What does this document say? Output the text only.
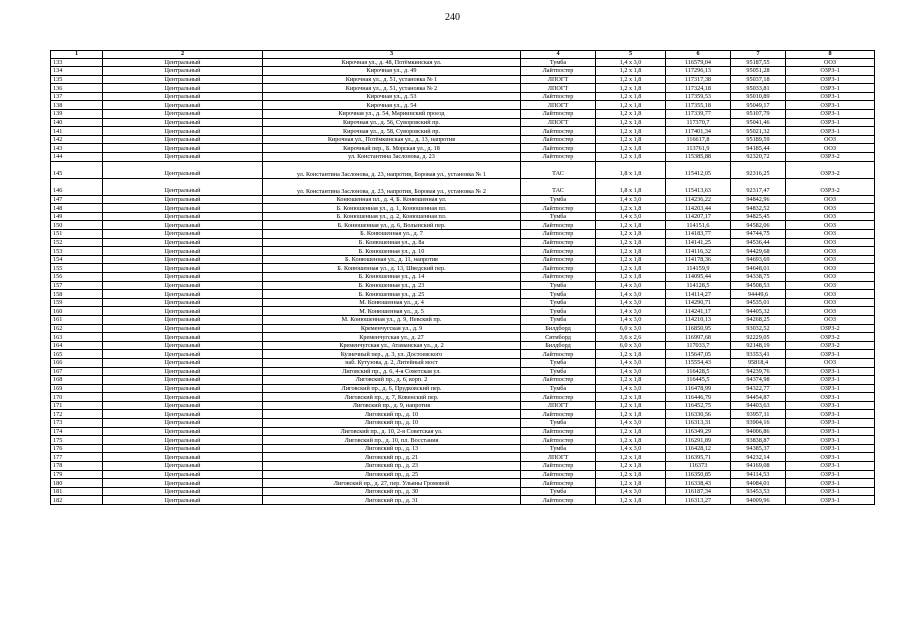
240
1	2	3	4	5	6	7	8
133	Центральный	Кирочная ул., д. 48, Потёмкинская ул.	Тумба	1,4 x 3,0	116579,04	95187,55	ООЗ
134	Центральный	Кирочная ул., д. 49	Лайтпостер	1,2 x 1,8	117296,13	95051,28	ОЗРЗ-1
135	Центральный	Кирочная ул., д. 51, установка № 1	ЛПОГТ	1,2 x 1,8	117317,38	95037,18	ОЗРЗ-1
136	Центральный	Кирочная ул., д. 51, установка № 2	ЛПОГТ	1,2 x 1,8	117324,18	95033,81	ОЗРЗ-1
137	Центральный	Кирочная ул., д. 53	Лайтпостер	1,2 x 1,8	117359,53	95010,89	ОЗРЗ-1
138	Центральный	Кирочная ул., д. 54	ЛПОГТ	1,2 x 1,8	117355,18	95049,17	ОЗРЗ-1
139	Центральный	Кирочная ул., д. 54, Мариинский проезд	Лайтпостер	1,2 x 1,8	117339,77	95107,79	ОЗРЗ-1
140	Центральный	Кирочная ул., д. 56, Суворовский пр.	ЛПОГТ	1,2 x 1,8	117370,7	95041,46	ОЗРЗ-1
141	Центральный	Кирочная ул., д. 58, Суворовский пр.	Лайтпостер	1,2 x 1,8	117401,34	95021,32	ОЗРЗ-1
142	Центральный	Кирочная ул., Потёмкинская ул., д. 13, напротив	Лайтпостер	1,2 x 1,8	116617,8	95189,59	ООЗ
143	Центральный	Кирочный пер., Б. Морская ул., д. 18	Лайтпостер	1,2 x 1,8	113761,9	94185,44	ООЗ
144	Центральный	ул. Константина Заслонова, д. 23	Лайтпостер	1,2 x 1,8	115385,88	92320,72	ОЗРЗ-2
145	Центральный	ул. Константина Заслонова, д. 23, напротив, Боровая ул., установка № 1	ТАС	1,8 x 1,8	115412,05	92316,25	ОЗРЗ-2
146	Центральный	ул. Константина Заслонова, д. 23, напротив, Боровая ул., установка № 2	ТАС	1,8 x 1,8	115413,63	92317,47	ОЗРЗ-2
147	Центральный	Конюшенная пл., д. 4, Б. Конюшенная ул.	Тумба	1,4 x 3,0	114236,22	94842,96	ООЗ
148	Центральный	Б. Конюшенная ул., д. 1, Конюшенная пл.	Лайтпостер	1,2 x 1,8	114203,44	94832,52	ООЗ
149	Центральный	Б. Конюшенная ул., д. 2, Конюшенная пл.	Тумба	1,4 x 3,0	114207,17	94825,45	ООЗ
150	Центральный	Б. Конюшенная ул., д. 6, Волынский пер.	Лайтпостер	1,2 x 1,8	114151,6	94582,06	ООЗ
151	Центральный	Б. Конюшенная ул., д. 7	Лайтпостер	1,2 x 1,8	114183,77	94744,75	ООЗ
152	Центральный	Б. Конюшенная ул., д. 8а	Лайтпостер	1,2 x 1,8	114141,25	94536,44	ООЗ
153	Центральный	Б. Конюшенная ул., д. 10	Лайтпостер	1,2 x 1,8	114116,32	94429,68	ООЗ
154	Центральный	Б. Конюшенная ул., д. 11, напротив	Лайтпостер	1,2 x 1,8	114178,36	94693,69	ООЗ
155	Центральный	Б. Конюшенная ул., д. 13, Шведский пер.	Лайтпостер	1,2 x 1,8	114159,9	94648,01	ООЗ
156	Центральный	Б. Конюшенная ул., д. 14	Лайтпостер	1,2 x 1,8	114095,44	94338,75	ООЗ
157	Центральный	Б. Конюшенная ул., д. 23	Тумба	1,4 x 3,0	114128,5	94508,53	ООЗ
158	Центральный	Б. Конюшенная ул., д. 25	Тумба	1,4 x 3,0	114114,27	94449,6	ООЗ
159	Центральный	М. Конюшенная ул., д. 4	Тумба	1,4 x 3,0	114290,71	94535,01	ООЗ
160	Центральный	М. Конюшенная ул., д. 5	Тумба	1,4 x 3,0	114241,17	94405,32	ООЗ
161	Центральный	М. Конюшенная ул., д. 9, Невский пр.	Тумба	1,4 x 3,0	114210,13	94268,25	ООЗ
162	Центральный	Кременчугская ул., д. 9	Билдборд	6,0 x 3,0	116850,95	93032,52	ОЗРЗ-2
163	Центральный	Кременчугская ул., д. 27	Ситиборд	3,6 x 2,6	116997,68	92229,05	ОЗРЗ-2
164	Центральный	Кременчугская ул., Атаманская ул., д. 2	Билдборд	6,0 x 3,0	117033,7	92148,19	ОЗРЗ-2
165	Центральный	Кузнечный пер., д. 3, ул. Достоевского	Лайтпостер	1,2 x 1,8	115647,05	93353,41	ОЗРЗ-1
166	Центральный	наб. Кутузова, д. 2, Литейный мост	Тумба	1,4 x 3,0	115554,43	95818,4	ООЗ
167	Центральный	Лиговский пр., д. 6, 4-я Советская ул.	Тумба	1,4 x 3,0	116428,5	94239,76	ОЗРЗ-1
168	Центральный	Лиговский пр., д. 6, корп. 2	Лайтпостер	1,2 x 1,8	116445,5	94374,98	ОЗРЗ-1
169	Центральный	Лиговский пр., д. 6, Прудковский пер.	Тумба	1,4 x 3,0	116478,99	94322,77	ОЗРЗ-1
170	Центральный	Лиговский пр., д. 7, Ковенский пер.	Лайтпостер	1,2 x 1,8	116446,79	94454,87	ОЗРЗ-1
171	Центральный	Лиговский пр., д. 9, напротив	ЛПОГТ	1,2 x 1,8	116452,75	94403,63	ОЗРЗ-1
172	Центральный	Лиговский пр., д. 10	Лайтпостер	1,2 x 1,8	116330,56	93957,11	ОЗРЗ-1
173	Центральный	Лиговский пр., д. 10	Тумба	1,4 x 3,0	116313,31	93904,16	ОЗРЗ-1
174	Центральный	Лиговский пр., д. 10, 2-я Советская ул.	Лайтпостер	1,2 x 1,8	116349,29	94006,86	ОЗРЗ-1
175	Центральный	Лиговский пр., д. 10, пл. Восстания	Лайтпостер	1,2 x 1,8	116291,89	93838,87	ОЗРЗ-1
176	Центральный	Лиговский пр., д. 13	Тумба	1,4 x 3,0	116428,12	94385,37	ОЗРЗ-1
177	Центральный	Лиговский пр., д. 21	ЛПОГТ	1,2 x 1,8	116395,71	94232,14	ОЗРЗ-1
178	Центральный	Лиговский пр., д. 23	Лайтпостер	1,2 x 1,8	116373	94169,08	ОЗРЗ-1
179	Центральный	Лиговский пр., д. 25	Лайтпостер	1,2 x 1,8	116350,85	94114,53	ОЗРЗ-1
180	Центральный	Лиговский пр., д. 27, пер. Ульяны Громовой	Лайтпостер	1,2 x 1,8	116338,43	94084,01	ОЗРЗ-1
181	Центральный	Лиговский пр., д. 30	Тумба	1,4 x 3,0	116187,34	93453,53	ОЗРЗ-1
182	Центральный	Лиговский пр., д. 31	Лайтпостер	1,2 x 1,8	116313,27	94009,96	ОЗРЗ-1
